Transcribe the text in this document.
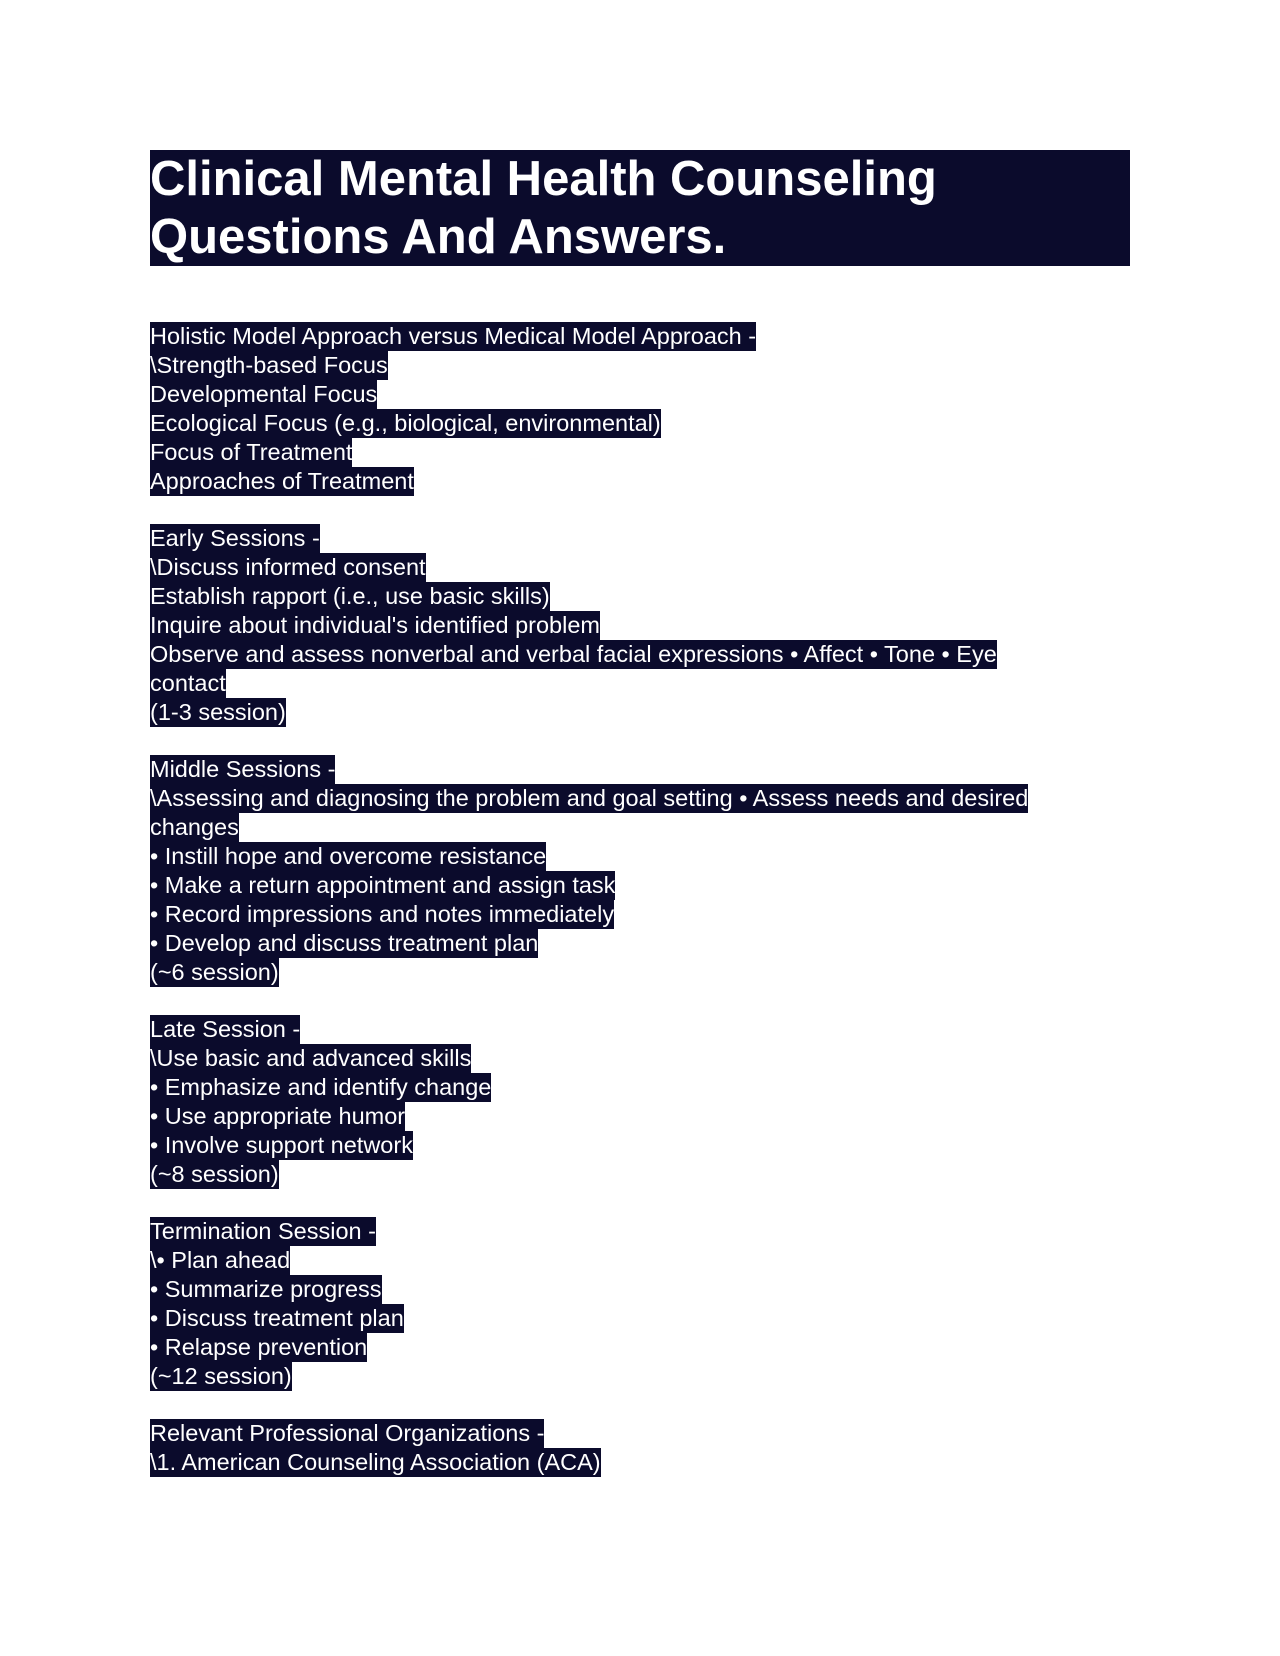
Clinical Mental Health Counseling
Questions And Answers.
Holistic Model Approach versus Medical Model Approach -
\Strength-based Focus
Developmental Focus
Ecological Focus (e.g., biological, environmental)
Focus of Treatment
Approaches of Treatment
Early Sessions -
\Discuss informed consent
Establish rapport (i.e., use basic skills)
Inquire about individual's identified problem
Observe and assess nonverbal and verbal facial expressions • Affect • Tone • Eye
contact
(1-3 session)
Middle Sessions -
\Assessing and diagnosing the problem and goal setting • Assess needs and desired
changes
• Instill hope and overcome resistance
• Make a return appointment and assign task
• Record impressions and notes immediately
• Develop and discuss treatment plan
(~6 session)
Late Session -
\Use basic and advanced skills
• Emphasize and identify change
• Use appropriate humor
• Involve support network
(~8 session)
Termination Session -
\• Plan ahead
• Summarize progress
• Discuss treatment plan
• Relapse prevention
(~12 session)
Relevant Professional Organizations -
\1. American Counseling Association (ACA)
